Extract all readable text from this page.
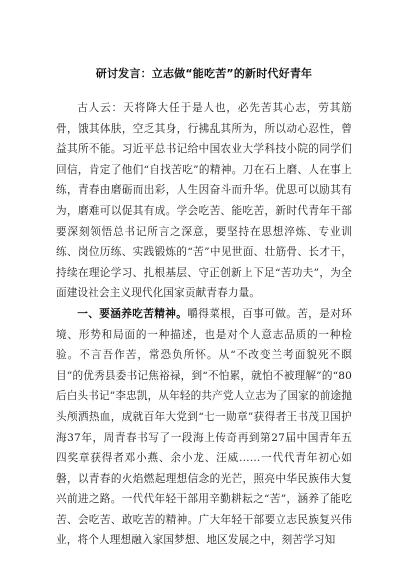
研讨发言：立志做“能吃苦”的新时代好青年

古人云：天将降大任于是人也，必先苦其心志，劳其筋骨，饿其体肤，空乏其身，行拂乱其所为，所以动心忍性，曾益其所不能。习近平总书记给中国农业大学科技小院的同学们回信，肯定了他们“自找苦吃”的精神。刀在石上磨、人在事上练，青春由磨砺而出彩，人生因奋斗而升华。优思可以励其有为，磨难可以促其有成。学会吃苦、能吃苦，新时代青年干部要深刻领悟总书记所言之深意，要坚持在思想淬炼、专业训练、岗位历练、实践锻炼的“苦”中见世面、壮筋骨、长才干，持续在理论学习、扎根基层、守正创新上下足“苦功夫”，为全面建设社会主义现代化国家贡献青春力量。

一、要涵养吃苦精神。嚼得菜根，百事可做。苦，是对环境、形势和局面的一种描述，也是对个人意志品质的一种检验。不言吾作苦，常恐负所怀。从“不改变兰考面貌死不瞑目”的优秀县委书记焦裕禄，到“不怕累，就怕不被理解”的“80后白头书记”李忠凯，从年轻的共产党人立志为了国家的前途抛头颅洒热血，成就百年大党到“七一勋章”获得者王书茂卫国护海37年，周青春书写了一段海上传奇再到第27届中国青年五四奖章获得者邓小燕、余小龙、汪威……一代代青年初心如磐，以青春的火焰燃起理想信念的光芒，照亮中华民族伟大复兴前进之路。一代代年轻干部用辛勤耕耘之“苦”，涵养了能吃苦、会吃苦、敢吃苦的精神。广大年轻干部要立志民族复兴伟业，将个人理想融入家国梦想、地区发展之中，刻苦学习知
